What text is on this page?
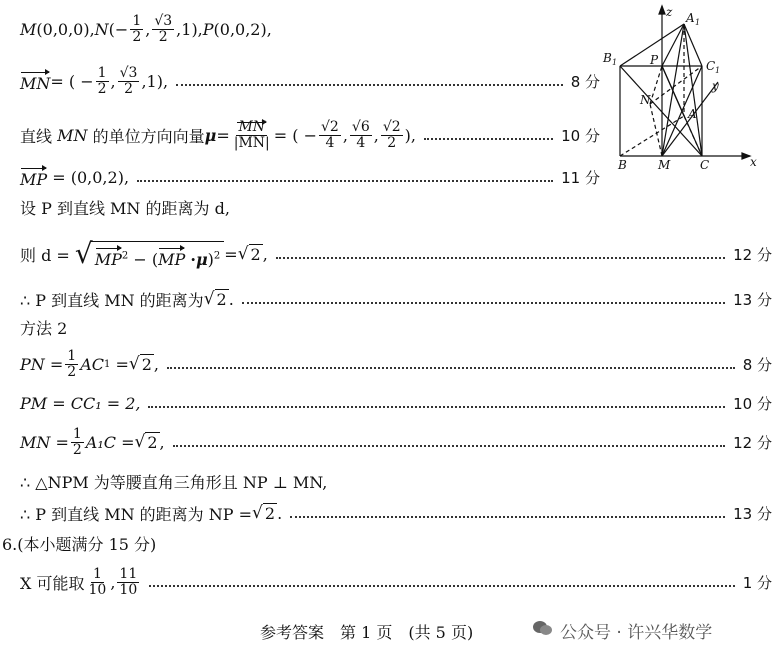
M (0,0,0), N (− $\frac{1}{2}$ , $\frac{√3}{2} ,1$), P (0,0,2),
MN = ( − $\frac{1}{2}$ , $\frac{√3}{2} ,1$),	8 分
直线
MN
的单位方向向量 $\mu = \frac{MN}{|MN|}$ = ( − $\frac{√2}{4}$ , $\frac{√6}{4}$ , $\frac{√2}{2}$ ),	10 分
MP
= (0,0,2),	11 分
设 P 到直线 MN 的距离为 d,
则 d =
√ $MP^2 - (MP \cdot\mu)^2$ = √ 2 ,	12 分
∴ P 到直线 MN 的距离为 √ 2 .	13 分
方法 2
PN = $\frac{1}{2}$ AC 1
= √ 2 ,	8 分
PM = CC₁ = 2,	10 分
MN = $\frac{1}{2} A_1C$ = √ 2 ,	12 分
∴ △NPM 为等腰直角三角形且 NP ⊥ MN,
∴ P 到直线 MN 的距离为 NP = √ 2 .	13 分
6.(本小题满分 15 分)
X 可能取 $\frac{1}{10}$ , $\frac{11}{10}$	1 分
z A 1
B 1	P	C 1
y
N
A
B	M C	x
参考答案　第 1 页　(共 5 页)	公众号 · 许兴华数学
